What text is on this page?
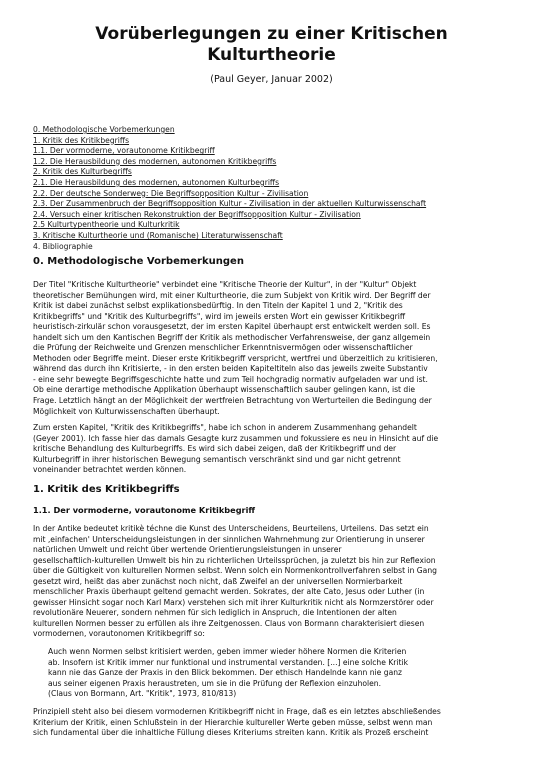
Vorüberlegungen zu einer Kritischen
Kulturtheorie
(Paul Geyer, Januar 2002)
0. Methodologische Vorbemerkungen
1. Kritik des Kritikbegriffs
1.1. Der vormoderne, vorautonome Kritikbegriff
1.2. Die Herausbildung des modernen, autonomen Kritikbegriffs
2. Kritik des Kulturbegriffs
2.1. Die Herausbildung des modernen, autonomen Kulturbegriffs
2.2. Der deutsche Sonderweg: Die Begriffsopposition Kultur - Zivilisation
2.3. Der Zusammenbruch der Begriffsopposition Kultur - Zivilisation in der aktuellen Kulturwissenschaft
2.4. Versuch einer kritischen Rekonstruktion der Begriffsopposition Kultur - Zivilisation
2.5 Kulturtypentheorie und Kulturkritik
3. Kritische Kulturtheorie und (Romanische) Literaturwissenschaft
4. Bibliographie
0. Methodologische Vorbemerkungen
Der Titel "Kritische Kulturtheorie" verbindet eine "Kritische Theorie der Kultur", in der "Kultur" Objekt
theoretischer Bemühungen wird, mit einer Kulturtheorie, die zum Subjekt von Kritik wird. Der Begriff der
Kritik ist dabei zunächst selbst explikationsbedürftig. In den Titeln der Kapitel 1 und 2, "Kritik des
Kritikbegriffs" und "Kritik des Kulturbegriffs", wird im jeweils ersten Wort ein gewisser Kritikbegriff
heuristisch-zirkulär schon vorausgesetzt, der im ersten Kapitel überhaupt erst entwickelt werden soll. Es
handelt sich um den Kantischen Begriff der Kritik als methodischer Verfahrensweise, der ganz allgemein
die Prüfung der Reichweite und Grenzen menschlicher Erkenntnisvermögen oder wissenschaftlicher
Methoden oder Begriffe meint. Dieser erste Kritikbegriff verspricht, wertfrei und überzeitlich zu kritisieren,
während das durch ihn Kritisierte, - in den ersten beiden Kapiteltiteln also das jeweils zweite Substantiv
- eine sehr bewegte Begriffsgeschichte hatte und zum Teil hochgradig normativ aufgeladen war und ist.
Ob eine derartige methodische Applikation überhaupt wissenschaftlich sauber gelingen kann, ist die
Frage. Letztlich hängt an der Möglichkeit der wertfreien Betrachtung von Werturteilen die Bedingung der
Möglichkeit von Kulturwissenschaften überhaupt.
Zum ersten Kapitel, "Kritik des Kritikbegriffs", habe ich schon in anderem Zusammenhang gehandelt
(Geyer 2001). Ich fasse hier das damals Gesagte kurz zusammen und fokussiere es neu in Hinsicht auf die
kritische Behandlung des Kulturbegriffs. Es wird sich dabei zeigen, daß der Kritikbegriff und der
Kulturbegriff in ihrer historischen Bewegung semantisch verschränkt sind und gar nicht getrennt
voneinander betrachtet werden können.
1. Kritik des Kritikbegriffs
1.1. Der vormoderne, vorautonome Kritikbegriff
In der Antike bedeutet kritikè téchne die Kunst des Unterscheidens, Beurteilens, Urteilens. Das setzt ein
mit ‚einfachen' Unterscheidungsleistungen in der sinnlichen Wahrnehmung zur Orientierung in unserer
natürlichen Umwelt und reicht über wertende Orientierungsleistungen in unserer
gesellschaftlich-kulturellen Umwelt bis hin zu richterlichen Urteilssprüchen, ja zuletzt bis hin zur Reflexion
über die Gültigkeit von kulturellen Normen selbst. Wenn solch ein Normenkontrollverfahren selbst in Gang
gesetzt wird, heißt das aber zunächst noch nicht, daß Zweifel an der universellen Normierbarkeit
menschlicher Praxis überhaupt geltend gemacht werden. Sokrates, der alte Cato, Jesus oder Luther (in
gewisser Hinsicht sogar noch Karl Marx) verstehen sich mit ihrer Kulturkritik nicht als Normzerstörer oder
revolutionäre Neuerer, sondern nehmen für sich lediglich in Anspruch, die Intentionen der alten
kulturellen Normen besser zu erfüllen als ihre Zeitgenossen. Claus von Bormann charakterisiert diesen
vormodernen, vorautonomen Kritikbegriff so:
Auch wenn Normen selbst kritisiert werden, geben immer wieder höhere Normen die Kriterien
ab. Insofern ist Kritik immer nur funktional und instrumental verstanden. [...] eine solche Kritik
kann nie das Ganze der Praxis in den Blick bekommen. Der ethisch Handelnde kann nie ganz
aus seiner eigenen Praxis heraustreten, um sie in die Prüfung der Reflexion einzuholen.
(Claus von Bormann, Art. "Kritik", 1973, 810/813)
Prinzipiell steht also bei diesem vormodernen Kritikbegriff nicht in Frage, daß es ein letztes abschließendes
Kriterium der Kritik, einen Schlußstein in der Hierarchie kultureller Werte geben müsse, selbst wenn man
sich fundamental über die inhaltliche Füllung dieses Kriteriums streiten kann. Kritik als Prozeß erscheint
